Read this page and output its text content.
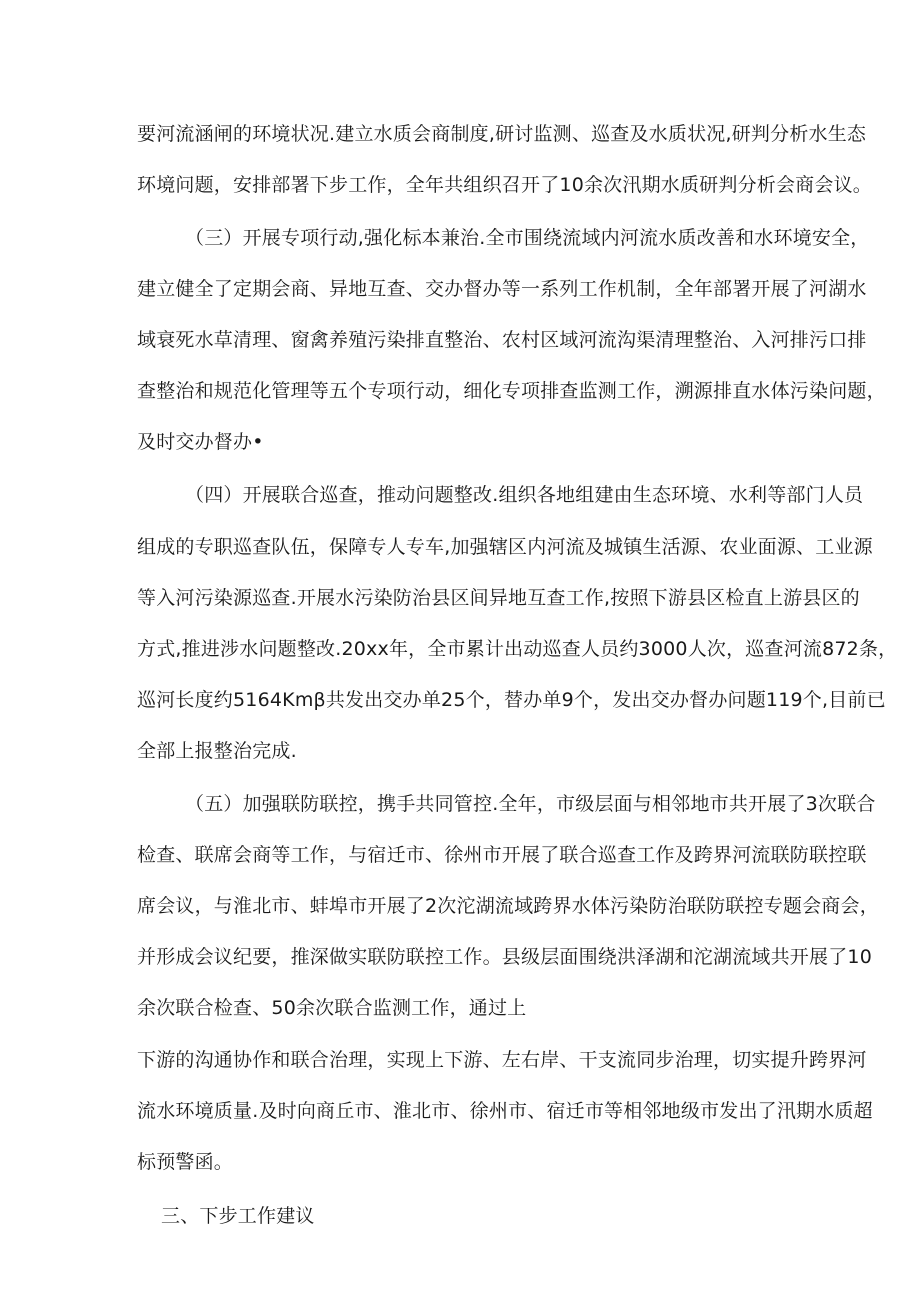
要河流涵闸的环境状况.建立水质会商制度,研讨监测、巡查及水质状况,研判分析水生态
环境问题，安排部署下步工作，全年共组织召开了10余次汛期水质研判分析会商会议。
（三）开展专项行动,强化标本兼治.全市围绕流域内河流水质改善和水环境安全，
建立健全了定期会商、异地互查、交办督办等一系列工作机制，全年部署开展了河湖水
域衰死水草清理、窗禽养殖污染排直整治、农村区域河流沟渠清理整治、入河排污口排
查整治和规范化管理等五个专项行动，细化专项排查监测工作，溯源排直水体污染问题，
及时交办督办•
（四）开展联合巡查，推动问题整改.组织各地组建由生态环境、水利等部门人员
组成的专职巡查队伍，保障专人专车,加强辖区内河流及城镇生活源、农业面源、工业源
等入河污染源巡查.开展水污染防治县区间异地互查工作,按照下游县区检直上游县区的
方式,推进涉水问题整改.20xx年，全市累计出动巡查人员约3000人次，巡查河流872条，
巡河长度约5164Kmβ共发出交办单25个，替办单9个，发出交办督办问题119个,目前已
全部上报整治完成.
（五）加强联防联控，携手共同管控.全年，市级层面与相邻地市共开展了3次联合
检查、联席会商等工作，与宿迁市、徐州市开展了联合巡查工作及跨界河流联防联控联
席会议，与淮北市、蚌埠市开展了2次沱湖流域跨界水体污染防治联防联控专题会商会，
并形成会议纪要，推深做实联防联控工作。县级层面围绕洪泽湖和沱湖流域共开展了10
余次联合检查、50余次联合监测工作，通过上
下游的沟通协作和联合治理，实现上下游、左右岸、干支流同步治理，切实提升跨界河
流水环境质量.及时向商丘市、淮北市、徐州市、宿迁市等相邻地级市发出了汛期水质超
标预警函。
三、下步工作建议
